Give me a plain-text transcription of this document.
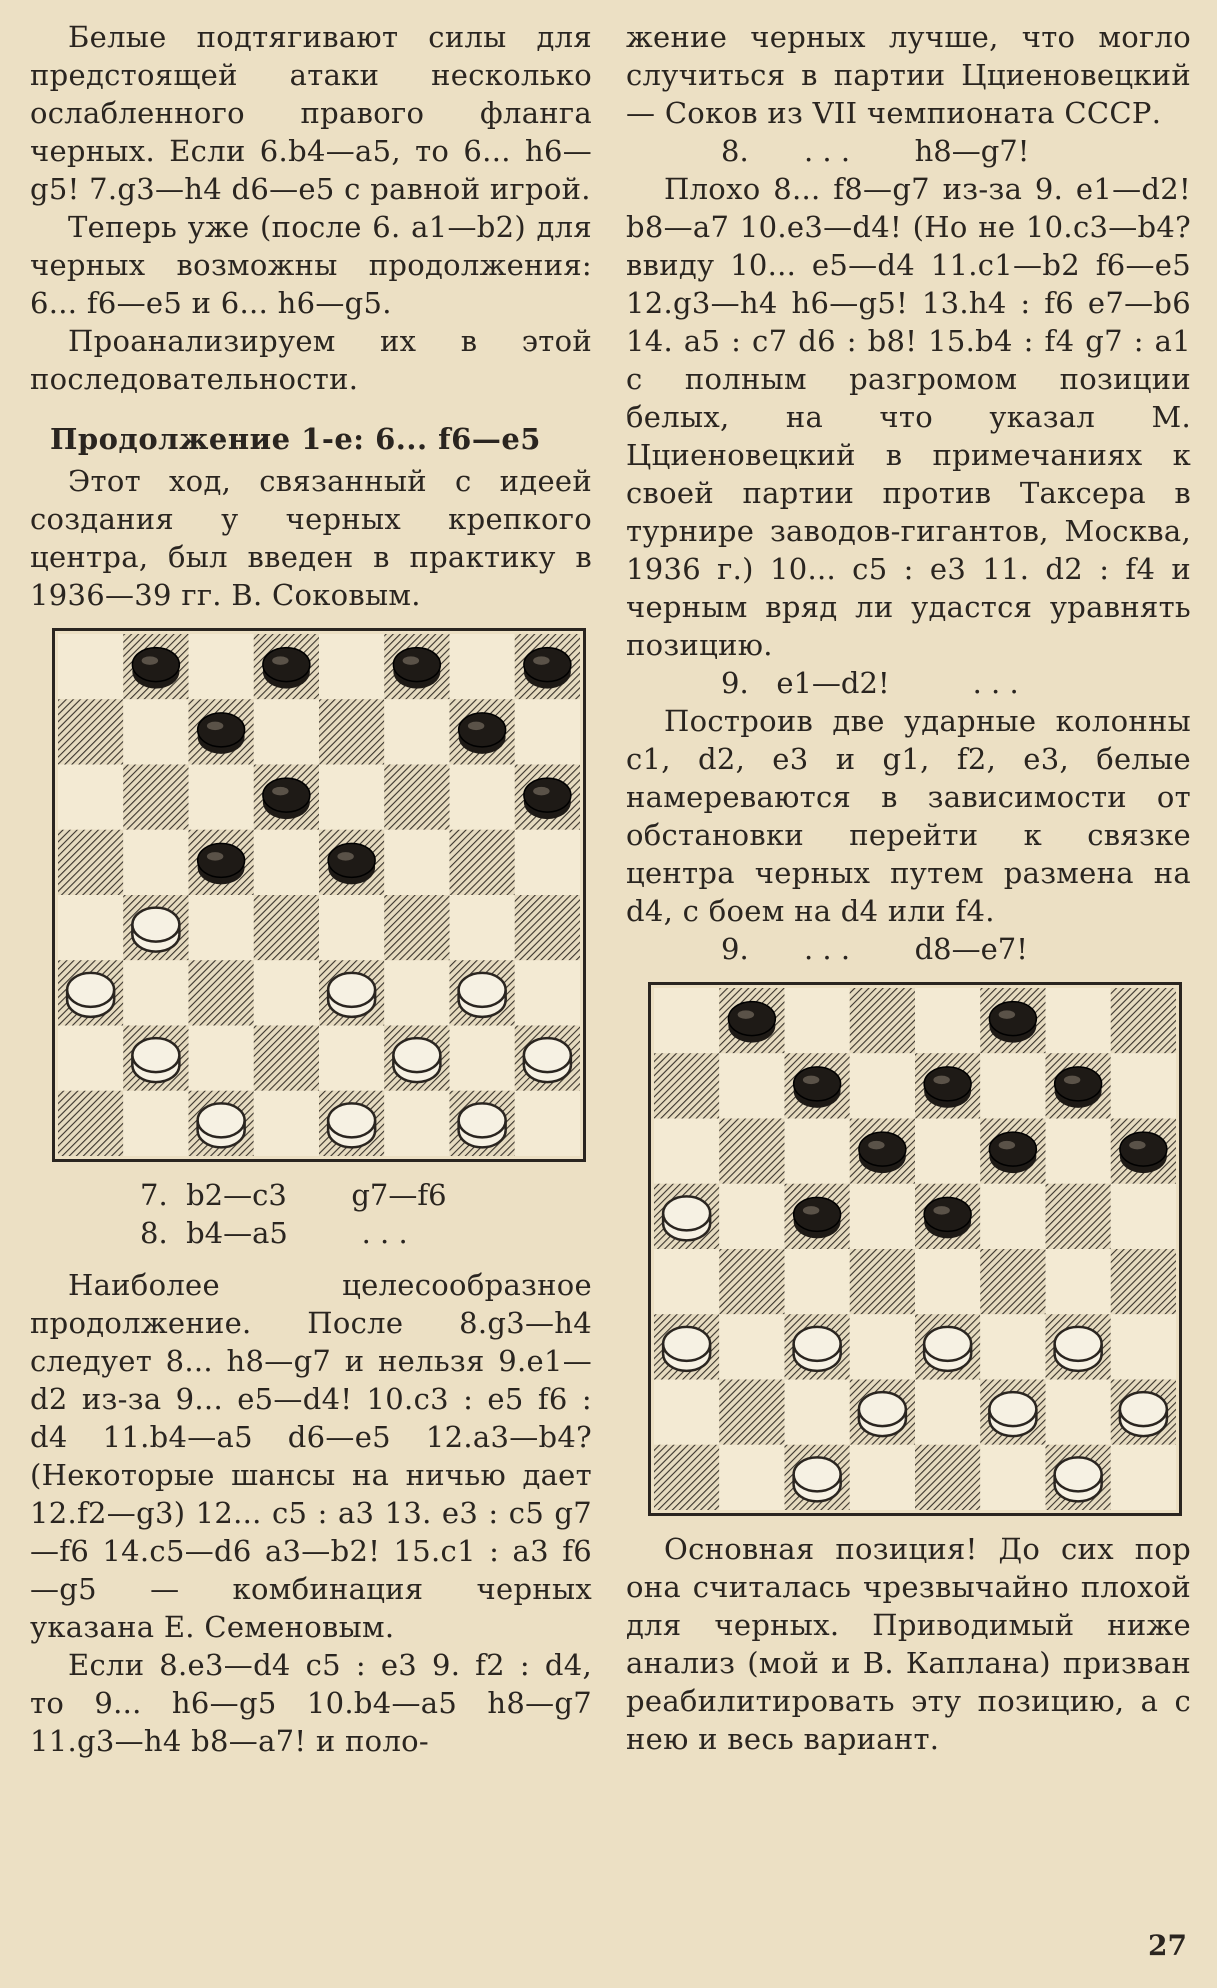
Белые подтягивают силы для предстоящей атаки несколько ослабленного правого фланга черных. Если 6.b4—a5, то 6... h6—g5! 7.g3—h4 d6—e5 с равной игрой.

Теперь уже (после 6. a1—b2) для черных возможны продолжения: 6... f6—e5 и 6... h6—g5.

Проанализируем их в этой последовательности.

Продолжение 1-е: 6... f6—e5

Этот ход, связанный с идеей создания у черных крепкого центра, был введен в практику в 1936—39 гг. В. Соковым.

7.  b2—c3       g7—f6
8.  b4—a5        . . .

Наиболее целесообразное продолжение. После 8.g3—h4 следует 8... h8—g7 и нельзя 9.e1—d2 из-за 9... e5—d4! 10.c3 : e5 f6 : d4 11.b4—a5 d6—e5 12.a3—b4? (Некоторые шансы на ничью дает 12.f2—g3) 12... c5 : a3 13. e3 : c5 g7—f6 14.c5—d6 a3—b2! 15.c1 : a3 f6—g5 — комбинация черных указана Е. Семеновым.

Если 8.e3—d4 c5 : e3 9. f2 : d4, то 9... h6—g5 10.b4—a5 h8—g7 11.g3—h4 b8—a7! и поло-

жение черных лучше, что могло случиться в партии Цциеновецкий — Соков из VII чемпионата СССР.

8.      . . .       h8—g7!

Плохо 8... f8—g7 из-за 9. e1—d2! b8—a7 10.e3—d4! (Но не 10.c3—b4? ввиду 10... e5—d4 11.c1—b2 f6—e5 12.g3—h4 h6—g5! 13.h4 : f6 e7—b6 14. a5 : c7 d6 : b8! 15.b4 : f4 g7 : a1 с полным разгромом позиции белых, на что указал М. Цциеновецкий в примечаниях к своей партии против Таксера в турнире заводов-гигантов, Москва, 1936 г.) 10... c5 : e3 11. d2 : f4 и черным вряд ли удастся уравнять позицию.

9.   e1—d2!         . . .

Построив две ударные колонны c1, d2, e3 и g1, f2, e3, белые намереваются в зависимости от обстановки перейти к связке центра черных путем размена на d4, с боем на d4 или f4.

9.      . . .       d8—e7!

Основная позиция! До сих пор она считалась чрезвычайно плохой для черных. Приводимый ниже анализ (мой и В. Каплана) призван реабилитировать эту позицию, а с нею и весь вариант.

27
